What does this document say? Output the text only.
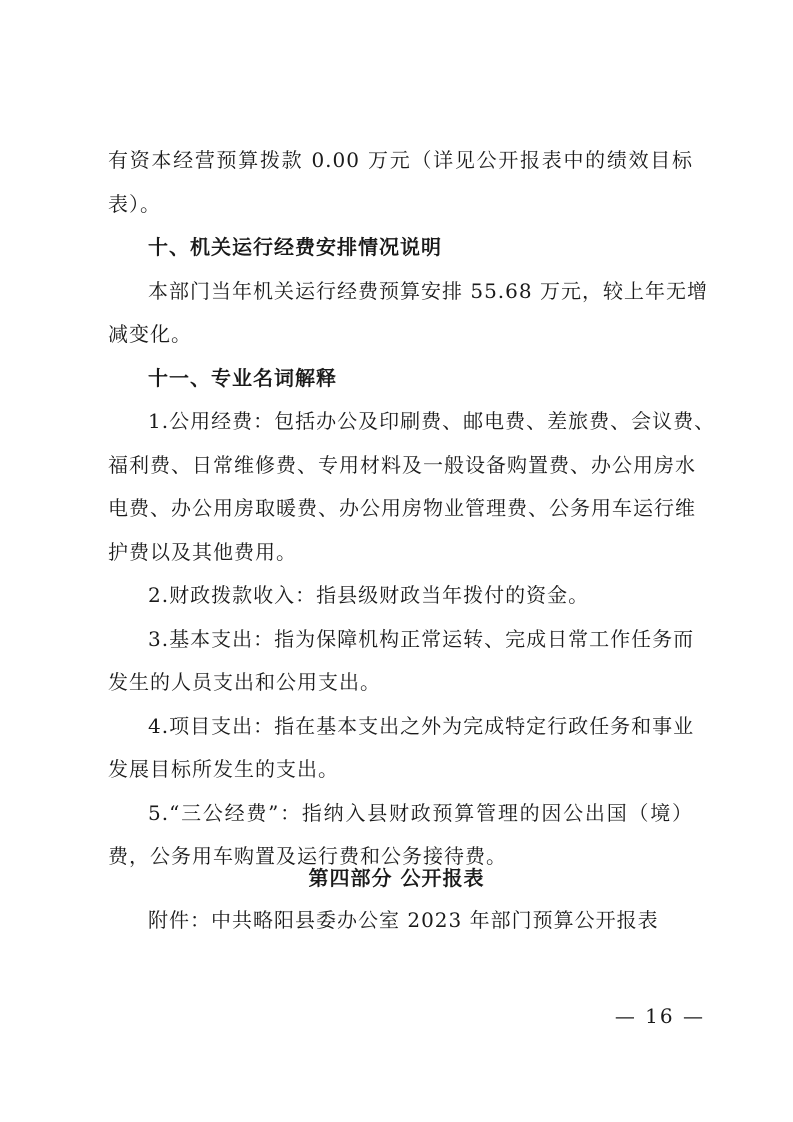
有资本经营预算拨款 0.00 万元（详见公开报表中的绩效目标
表）。
十、机关运行经费安排情况说明
本部门当年机关运行经费预算安排 55.68 万元，较上年无增
减变化。
十一、专业名词解释
1.公用经费：包括办公及印刷费、邮电费、差旅费、会议费、
福利费、日常维修费、专用材料及一般设备购置费、办公用房水
电费、办公用房取暖费、办公用房物业管理费、公务用车运行维
护费以及其他费用。
2.财政拨款收入：指县级财政当年拨付的资金。
3.基本支出：指为保障机构正常运转、完成日常工作任务而
发生的人员支出和公用支出。
4.项目支出：指在基本支出之外为完成特定行政任务和事业
发展目标所发生的支出。
5.“三公经费”：指纳入县财政预算管理的因公出国（境）
费，公务用车购置及运行费和公务接待费。
第四部分 公开报表
附件：中共略阳县委办公室 2023 年部门预算公开报表
— 16 —
